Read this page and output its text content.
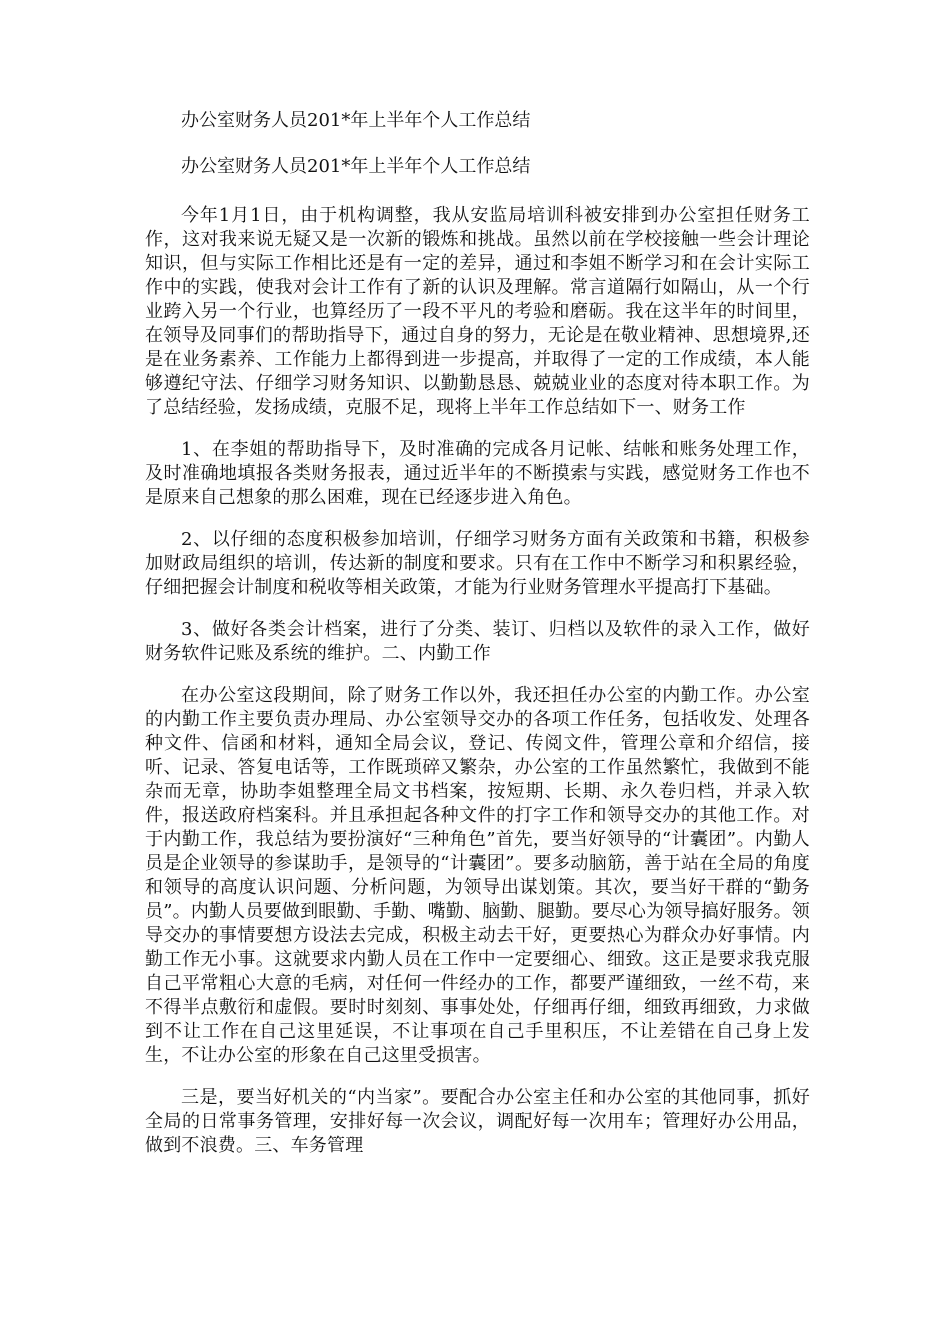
办公室财务人员201*年上半年个人工作总结
办公室财务人员201*年上半年个人工作总结

今年1月1日，由于机构调整，我从安监局培训科被安排到办公室担任财务工作，这对我来说无疑又是一次新的锻炼和挑战。虽然以前在学校接触一些会计理论知识，但与实际工作相比还是有一定的差异，通过和李姐不断学习和在会计实际工作中的实践，使我对会计工作有了新的认识及理解。常言道隔行如隔山，从一个行业跨入另一个行业，也算经历了一段不平凡的考验和磨砺。我在这半年的时间里，在领导及同事们的帮助指导下，通过自身的努力，无论是在敬业精神、思想境界,还是在业务素养、工作能力上都得到进一步提高，并取得了一定的工作成绩，本人能够遵纪守法、仔细学习财务知识、以勤勤恳恳、兢兢业业的态度对待本职工作。为了总结经验，发扬成绩，克服不足，现将上半年工作总结如下一、财务工作

1、在李姐的帮助指导下，及时准确的完成各月记帐、结帐和账务处理工作，及时准确地填报各类财务报表，通过近半年的不断摸索与实践，感觉财务工作也不是原来自己想象的那么困难，现在已经逐步进入角色。

2、以仔细的态度积极参加培训，仔细学习财务方面有关政策和书籍，积极参加财政局组织的培训，传达新的制度和要求。只有在工作中不断学习和积累经验，仔细把握会计制度和税收等相关政策，才能为行业财务管理水平提高打下基础。

3、做好各类会计档案，进行了分类、装订、归档以及软件的录入工作，做好财务软件记账及系统的维护。二、内勤工作

在办公室这段期间，除了财务工作以外，我还担任办公室的内勤工作。办公室的内勤工作主要负责办理局、办公室领导交办的各项工作任务，包括收发、处理各种文件、信函和材料，通知全局会议，登记、传阅文件，管理公章和介绍信，接听、记录、答复电话等，工作既琐碎又繁杂，办公室的工作虽然繁忙，我做到不能杂而无章，协助李姐整理全局文书档案，按短期、长期、永久卷归档，并录入软件，报送政府档案科。并且承担起各种文件的打字工作和领导交办的其他工作。对于内勤工作，我总结为要扮演好“三种角色”首先，要当好领导的“计囊团”。内勤人员是企业领导的参谋助手，是领导的“计囊团”。要多动脑筋，善于站在全局的角度和领导的高度认识问题、分析问题，为领导出谋划策。其次，要当好干群的“勤务员”。内勤人员要做到眼勤、手勤、嘴勤、脑勤、腿勤。要尽心为领导搞好服务。领导交办的事情要想方设法去完成，积极主动去干好，更要热心为群众办好事情。内勤工作无小事。这就要求内勤人员在工作中一定要细心、细致。这正是要求我克服自己平常粗心大意的毛病，对任何一件经办的工作，都要严谨细致，一丝不苟，来不得半点敷衍和虚假。要时时刻刻、事事处处，仔细再仔细，细致再细致，力求做到不让工作在自己这里延误，不让事项在自己手里积压，不让差错在自己身上发生，不让办公室的形象在自己这里受损害。

三是，要当好机关的“内当家”。要配合办公室主任和办公室的其他同事，抓好全局的日常事务管理，安排好每一次会议，调配好每一次用车；管理好办公用品，做到不浪费。三、车务管理
